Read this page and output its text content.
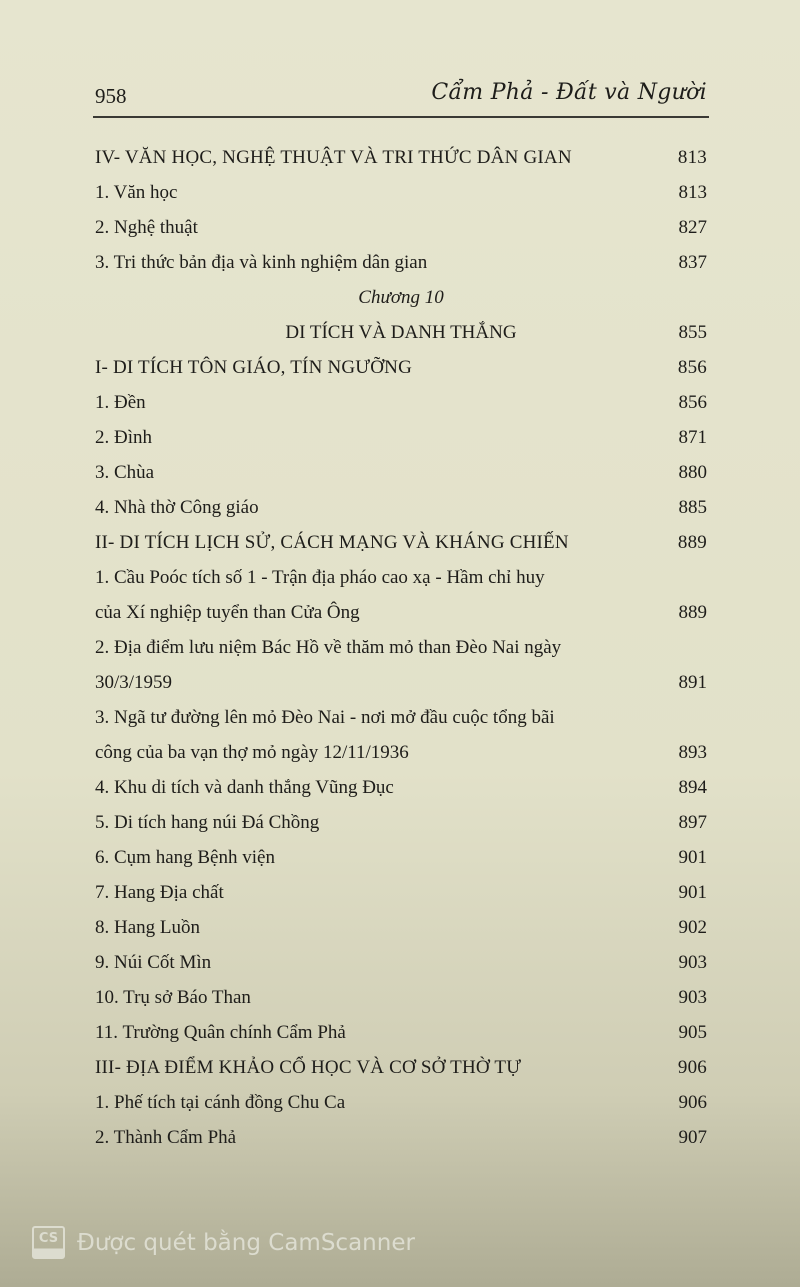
958	Cẩm Phả - Đất và Người
IV- VĂN HỌC, NGHỆ THUẬT VÀ TRI THỨC DÂN GIAN	813
1. Văn học	813
2. Nghệ thuật	827
3. Tri thức bản địa và kinh nghiệm dân gian	837
Chương 10
DI TÍCH VÀ DANH THẮNG	855
I- DI TÍCH TÔN GIÁO, TÍN NGƯỠNG	856
1. Đền	856
2. Đình	871
3. Chùa	880
4. Nhà thờ Công giáo	885
II- DI TÍCH LỊCH SỬ, CÁCH MẠNG VÀ KHÁNG CHIẾN	889
1. Cầu Poóc tích số 1 - Trận địa pháo cao xạ - Hầm chỉ huy
của Xí nghiệp tuyển than Cửa Ông	889
2. Địa điểm lưu niệm Bác Hồ về thăm mỏ than Đèo Nai ngày
30/3/1959	891
3. Ngã tư đường lên mỏ Đèo Nai - nơi mở đầu cuộc tổng bãi
công của ba vạn thợ mỏ ngày 12/11/1936	893
4. Khu di tích và danh thắng Vũng Đục	894
5. Di tích hang núi Đá Chồng	897
6. Cụm hang Bệnh viện	901
7. Hang Địa chất	901
8. Hang Luồn	902
9. Núi Cốt Mìn	903
10. Trụ sở Báo Than	903
11. Trường Quân chính Cẩm Phả	905
III- ĐỊA ĐIỂM KHẢO CỔ HỌC VÀ CƠ SỞ THỜ TỰ	906
1. Phế tích tại cánh đồng Chu Ca	906
2. Thành Cẩm Phả	907
CS Được quét bằng CamScanner
